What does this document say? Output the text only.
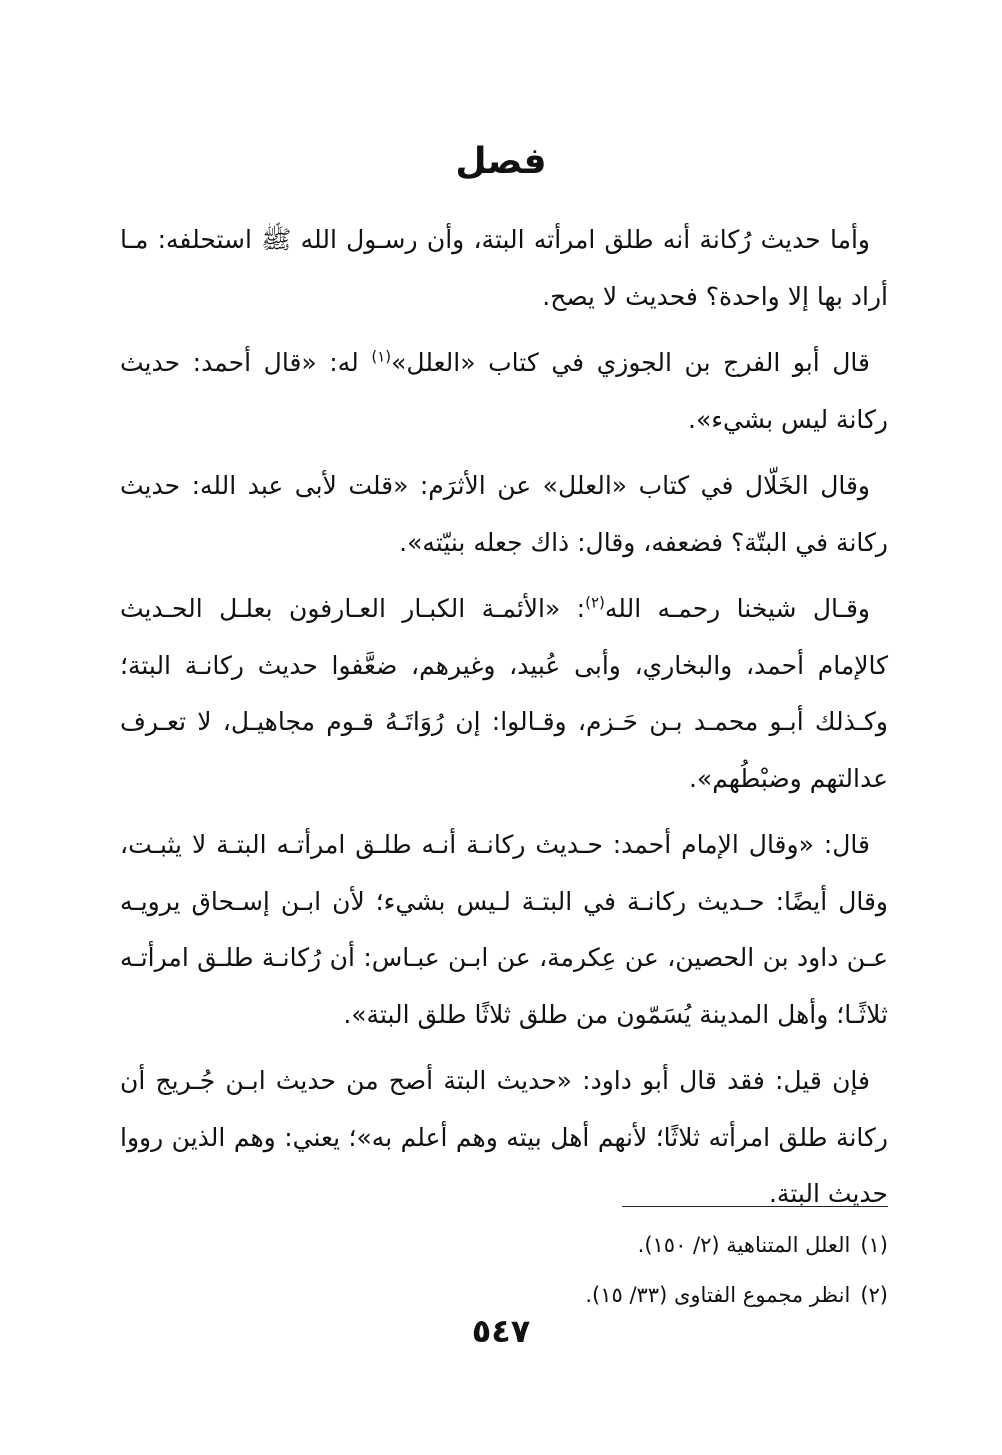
فصل

وأما حديث رُكانة أنه طلق امرأته البتة، وأن رسـول الله ﷺ استحلفه: مـا أراد بها إلا واحدة؟ فحديث لا يصح.

قال أبو الفرج بن الجوزي في كتاب «العلل»$^{(١)}$ له: «قال أحمد: حديث ركانة ليس بشيء».

وقال الخَلّال في كتاب «العلل» عن الأثرَم: «قلت لأبى عبد الله: حديث ركانة في البتّة؟ فضعفه، وقال: ذاك جعله بنيّته».

وقـال شيخنا رحمـه الله$^{(٢)}$: «الأئمـة الكبـار العـارفون بعلـل الحـديث كالإمام أحمد، والبخاري، وأبى عُبيد، وغيرهم، ضعَّفوا حديث ركانـة البتة؛ وكـذلك أبـو محمـد بـن حَـزم، وقـالوا: إن رُوَاتَـهُ قـوم مجاهيـل، لا تعـرف عدالتهم وضبْطُهم».

قال: «وقال الإمام أحمد: حـديث ركانـة أنـه طلـق امرأتـه البتـة لا يثبـت، وقال أيضًا: حـديث ركانـة في البتـة لـيس بشيء؛ لأن ابـن إسـحاق يرويـه عـن داود بن الحصين، عن عِكرمة، عن ابـن عبـاس: أن رُكانـة طلـق امرأتـه ثلاثًـا؛ وأهل المدينة يُسَمّون من طلق ثلاثًا طلق البتة».

فإن قيل: فقد قال أبو داود: «حديث البتة أصح من حديث ابـن جُـريج أن ركانة طلق امرأته ثلاثًا؛ لأنهم أهل بيته وهم أعلم به»؛ يعني: وهم الذين رووا حديث البتة.

(١)العلل المتناهية (٢/ ١٥٠).

(٢)انظر مجموع الفتاوى (٣٣/ ١٥).

٥٤٧
